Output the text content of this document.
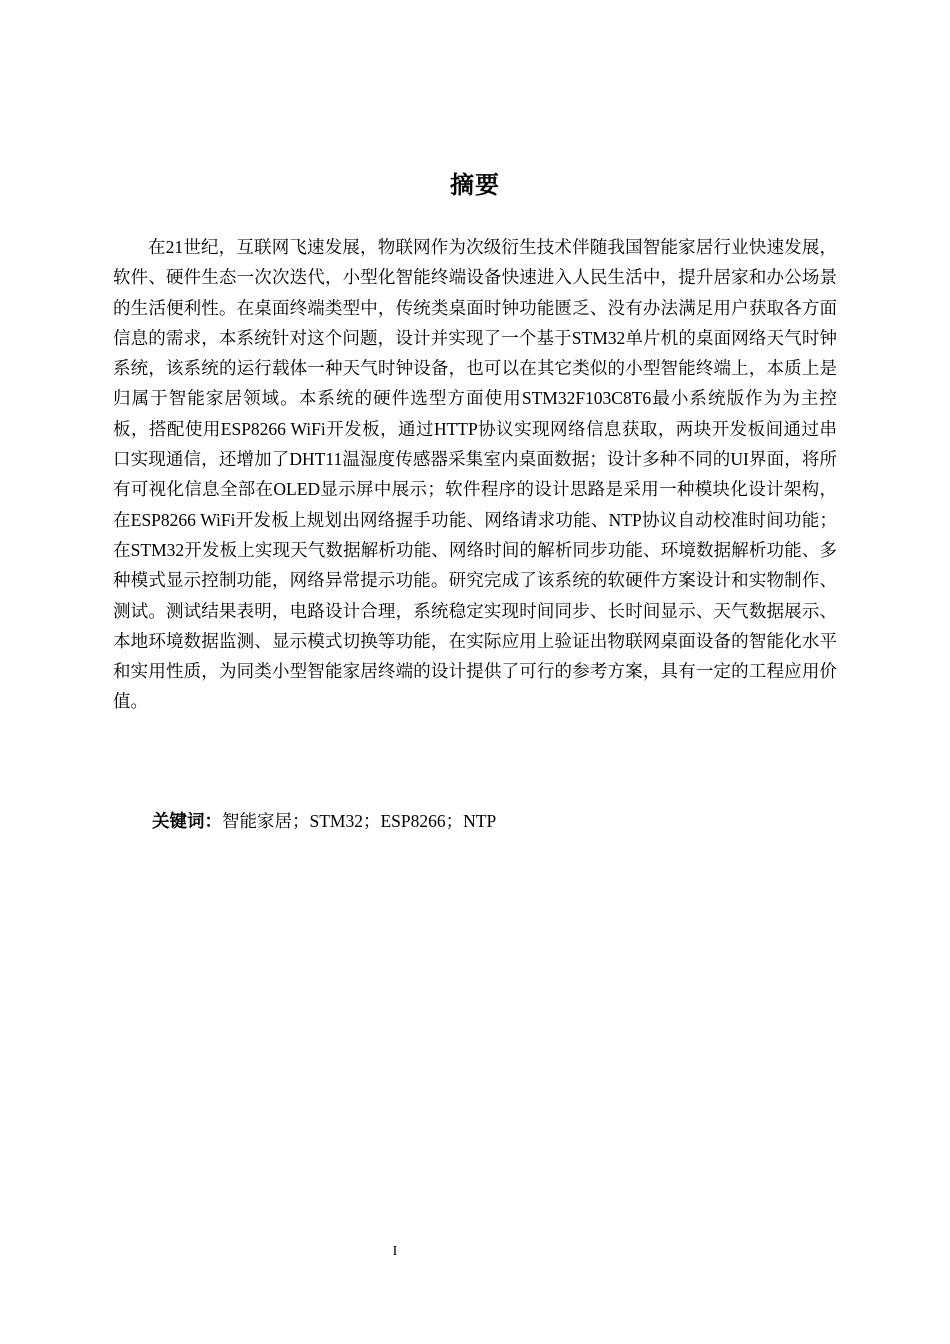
摘要

在21世纪，互联网飞速发展，物联网作为次级衍生技术伴随我国智能家居行业快速发展，软件、硬件生态一次次迭代，小型化智能终端设备快速进入人民生活中，提升居家和办公场景的生活便利性。在桌面终端类型中，传统类桌面时钟功能匮乏、没有办法满足用户获取各方面信息的需求，本系统针对这个问题，设计并实现了一个基于STM32单片机的桌面网络天气时钟系统，该系统的运行载体一种天气时钟设备，也可以在其它类似的小型智能终端上，本质上是归属于智能家居领域。本系统的硬件选型方面使用STM32F103C8T6最小系统版作为为主控板，搭配使用ESP8266 WiFi开发板，通过HTTP协议实现网络信息获取，两块开发板间通过串口实现通信，还增加了DHT11温湿度传感器采集室内桌面数据；设计多种不同的UI界面，将所有可视化信息全部在OLED显示屏中展示；软件程序的设计思路是采用一种模块化设计架构，在ESP8266 WiFi开发板上规划出网络握手功能、网络请求功能、NTP协议自动校准时间功能；在STM32开发板上实现天气数据解析功能、网络时间的解析同步功能、环境数据解析功能、多种模式显示控制功能，网络异常提示功能。研究完成了该系统的软硬件方案设计和实物制作、测试。测试结果表明，电路设计合理，系统稳定实现时间同步、长时间显示、天气数据展示、本地环境数据监测、显示模式切换等功能，在实际应用上验证出物联网桌面设备的智能化水平和实用性质，为同类小型智能家居终端的设计提供了可行的参考方案，具有一定的工程应用价值。

关键词：智能家居；STM32；ESP8266；NTP
I
